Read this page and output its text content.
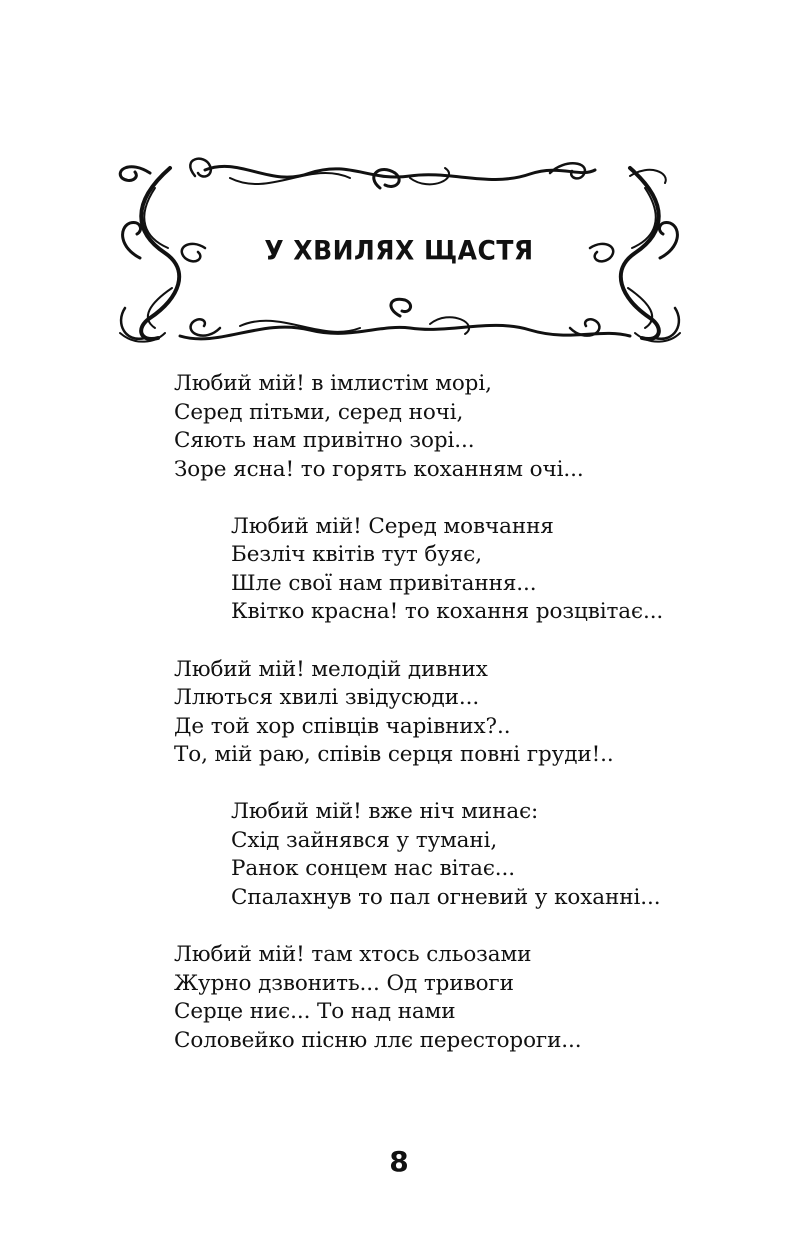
У ХВИЛЯХ ЩАСТЯ
Любий мій! в імлистім морі,
Серед пітьми, серед ночі,
Сяють нам привітно зорі...
Зоре ясна! то горять коханням очі...
Любий мій! Серед мовчання
Безліч квітів тут буяє,
Шле свої нам привітання...
Квітко красна! то кохання розцвітає...
Любий мій! мелодій дивних
Ллються хвилі звідусюди...
Де той хор співців чарівних?..
То, мій раю, співів серця повні груди!..
Любий мій! вже ніч минає:
Схід зайнявся у тумані,
Ранок сонцем нас вітає...
Спалахнув то пал огневий у коханні...
Любий мій! там хтось сльозами
Журно дзвонить... Од тривоги
Серце ниє... То над нами
Соловейко пісню ллє перестороги...
8
